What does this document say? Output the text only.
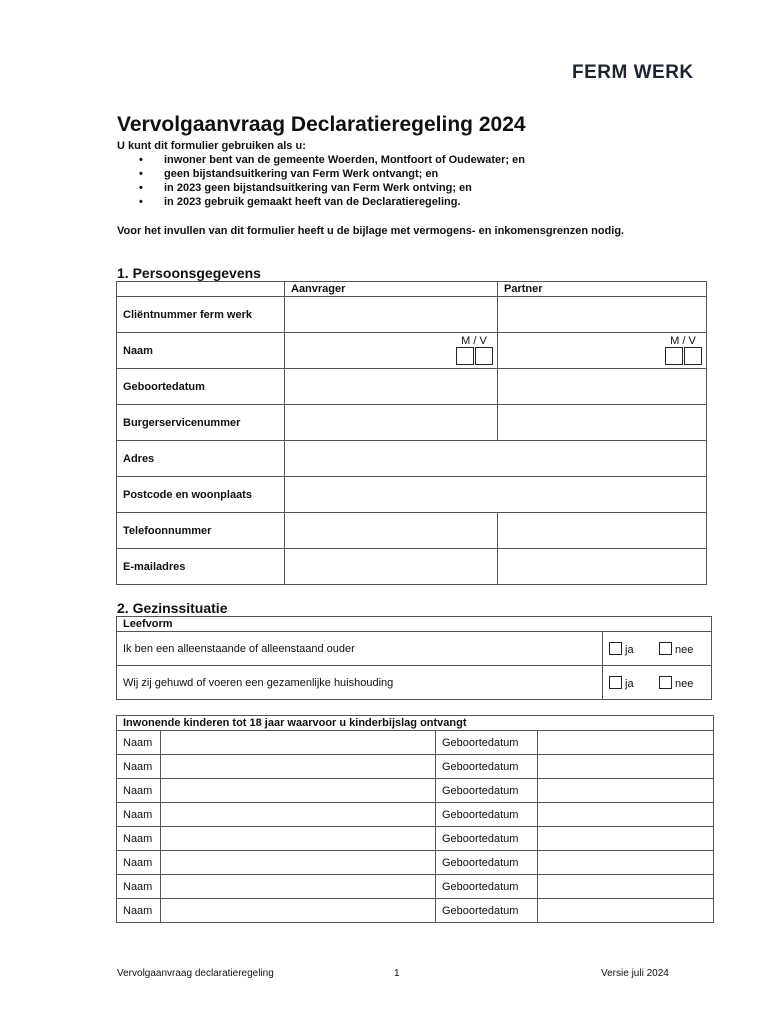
FERM WERK
Vervolgaanvraag Declaratieregeling 2024
U kunt dit formulier gebruiken als u:
• inwoner bent van de gemeente Woerden, Montfoort of Oudewater; en
• geen bijstandsuitkering van Ferm Werk ontvangt; en
• in 2023 geen bijstandsuitkering van Ferm Werk ontving; en
• in 2023 gebruik gemaakt heeft van de Declaratieregeling.
Voor het invullen van dit formulier heeft u de bijlage met vermogens- en inkomensgrenzen nodig.
1. Persoonsgegevens
	Aanvrager	Partner
Cliëntnummer ferm werk		
Naam	M / V	M / V

Geboortedatum		
Burgerservicenummer		
Adres		
Postcode en woonplaats		
Telefoonnummer		
E-mailadres		
2. Gezinssituatie
Leefvorm		
Ik ben een alleenstaande of alleenstaand ouder	ja	nee
Wij zij gehuwd of voeren een gezamenlijke huishouding	ja	nee
Inwonende kinderen tot 18 jaar waarvoor u kinderbijslag ontvangt			
Naam		Geboortedatum	
Naam		Geboortedatum	
Naam		Geboortedatum	
Naam		Geboortedatum	
Naam		Geboortedatum	
Naam		Geboortedatum	
Naam		Geboortedatum	
Naam		Geboortedatum	
Vervolgaanvraag declaratieregeling	1	Versie juli 2024
